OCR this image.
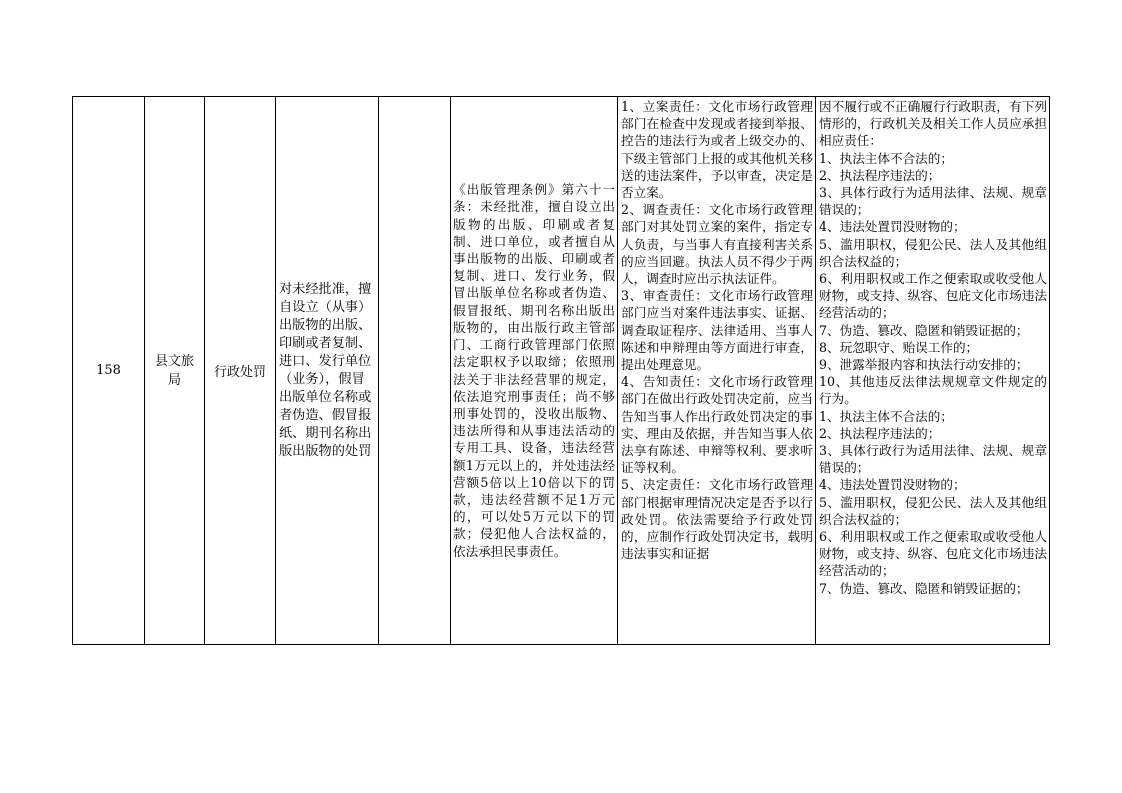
158
县文旅局	行政处罚
对未经批准，擅自设立（从事）出版物的出版、印刷或者复制、进口、发行单位（业务），假冒出版单位名称或者伪造、假冒报纸、期刊名称出版出版物的处罚
《出版管理条例》第六十一条：未经批准，擅自设立出版物的出版、印刷或者复制、进口单位，或者擅自从事出版物的出版、印刷或者复制、进口、发行业务，假冒出版单位名称或者伪造、假冒报纸、期刊名称出版出版物的，由出版行政主管部门、工商行政管理部门依照法定职权予以取缔；依照刑法关于非法经营罪的规定，依法追究刑事责任；尚不够刑事处罚的，没收出版物、违法所得和从事违法活动的专用工具、设备，违法经营额1万元以上的，并处违法经营额5倍以上10倍以下的罚款，违法经营额不足1万元的，可以处5万元以下的罚款；侵犯他人合法权益的，依法承担民事责任。
1、立案责任：文化市场行政管理部门在检查中发现或者接到举报、控告的违法行为或者上级交办的、下级主管部门上报的或其他机关移送的违法案件，予以审查，决定是否立案。
2、调查责任：文化市场行政管理部门对其处罚立案的案件，指定专人负责，与当事人有直接利害关系的应当回避。执法人员不得少于两人，调查时应出示执法证件。
3、审查责任：文化市场行政管理部门应当对案件违法事实、证据、调查取证程序、法律适用、当事人陈述和申辩理由等方面进行审查，提出处理意见。
4、告知责任：文化市场行政管理部门在做出行政处罚决定前，应当告知当事人作出行政处罚决定的事实、理由及依据，并告知当事人依法享有陈述、申辩等权利、要求听证等权利。
5、决定责任：文化市场行政管理部门根据审理情况决定是否予以行政处罚。依法需要给予行政处罚的，应制作行政处罚决定书，载明违法事实和证据
因不履行或不正确履行行政职责，有下列情形的，行政机关及相关工作人员应承担相应责任：
1、执法主体不合法的；
2、执法程序违法的；
3、具体行政行为适用法律、法规、规章错误的；
4、违法处置罚没财物的；
5、滥用职权，侵犯公民、法人及其他组织合法权益的；
6、利用职权或工作之便索取或收受他人财物，或支持、纵容、包庇文化市场违法经营活动的；
7、伪造、篡改、隐匿和销毁证据的；
8、玩忽职守、贻误工作的；
9、泄露举报内容和执法行动安排的；
10、其他违反法律法规规章文件规定的行为。
1、执法主体不合法的；
2、执法程序违法的；
3、具体行政行为适用法律、法规、规章错误的；
4、违法处置罚没财物的；
5、滥用职权，侵犯公民、法人及其他组织合法权益的；
6、利用职权或工作之便索取或收受他人财物，或支持、纵容、包庇文化市场违法经营活动的；
7、伪造、篡改、隐匿和销毁证据的；
